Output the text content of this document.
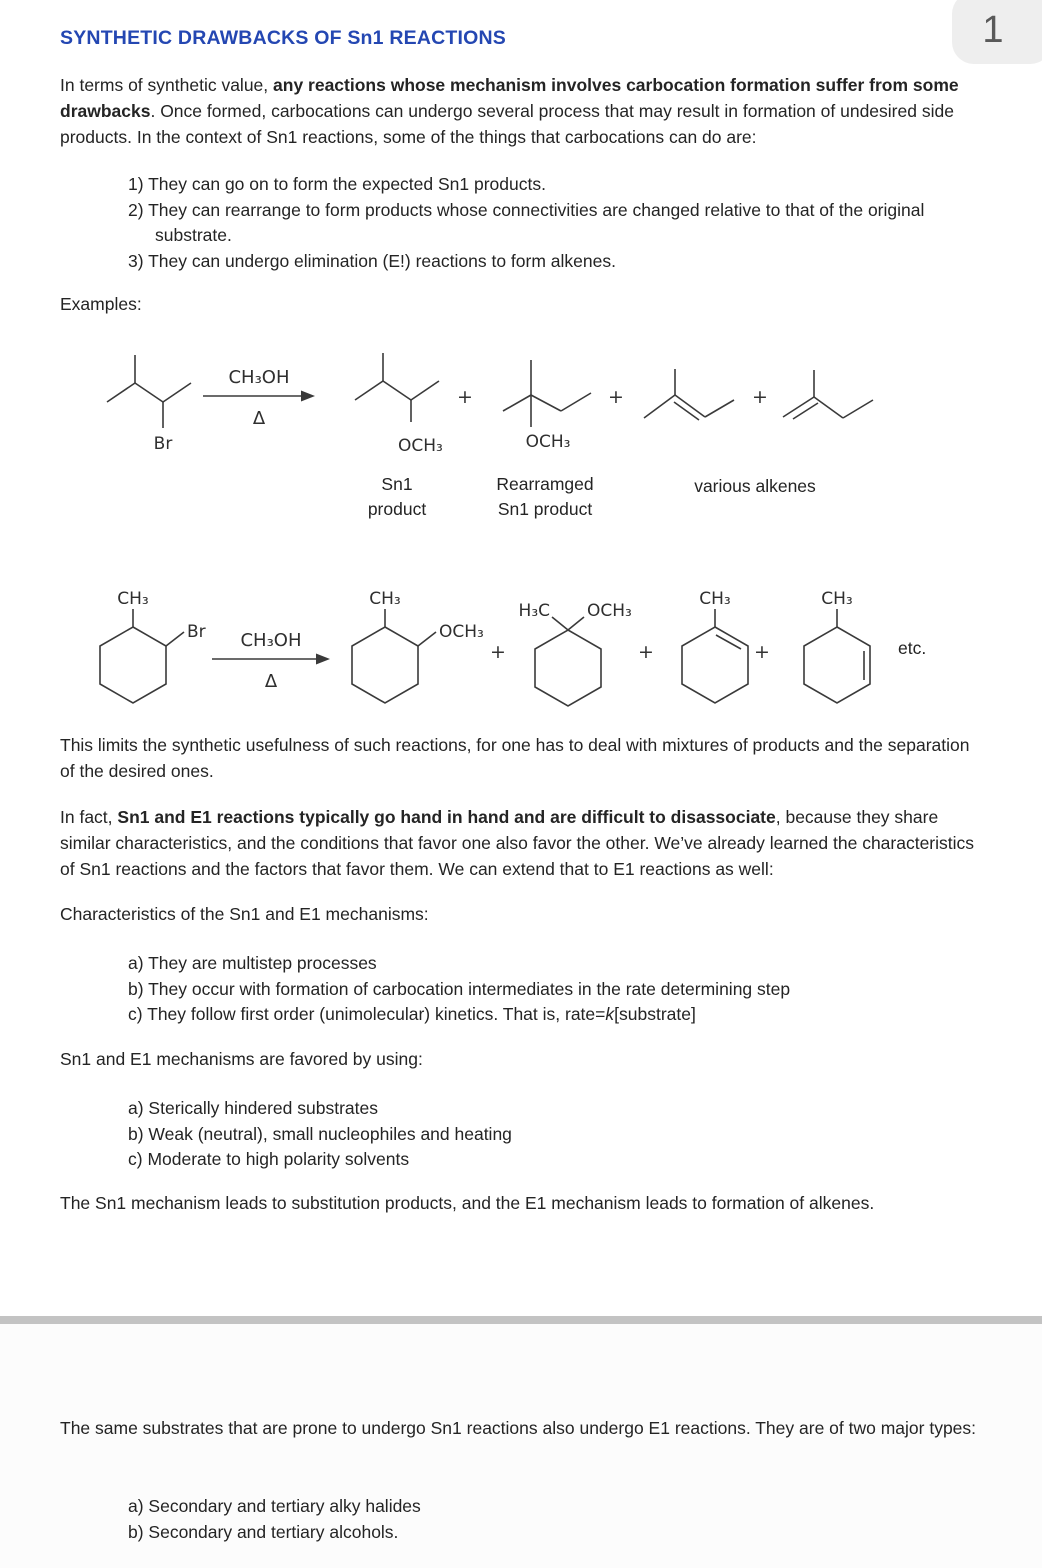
1
SYNTHETIC DRAWBACKS OF Sn1 REACTIONS
In terms of synthetic value, any reactions whose mechanism involves carbocation formation suffer from some drawbacks. Once formed, carbocations can undergo several process that may result in formation of undesired side products. In the context of Sn1 reactions, some of the things that carbocations can do are:
1) They can go on to form the expected Sn1 products.
2) They can rearrange to form products whose connectivities are changed relative to that of the original substrate.
3) They can undergo elimination (E!) reactions to form alkenes.
Examples:
Br
CH₃OH
Δ
OCH₃
+
OCH₃
+	+
Sn1
product
Rearramged
Sn1 product
various alkenes
CH₃
Br	CH₃OH
Δ
CH₃
OCH₃
+
H₃C OCH₃
+
CH₃
+
CH₃
etc.
This limits the synthetic usefulness of such reactions, for one has to deal with mixtures of products and the separation of the desired ones.
In fact, Sn1 and E1 reactions typically go hand in hand and are difficult to disassociate, because they share similar characteristics, and the conditions that favor one also favor the other. We’ve already learned the characteristics of Sn1 reactions and the factors that favor them. We can extend that to E1 reactions as well:
Characteristics of the Sn1 and E1 mechanisms:
a) They are multistep processes
b) They occur with formation of carbocation intermediates in the rate determining step
c) They follow first order (unimolecular) kinetics. That is, rate=k[substrate]
Sn1 and E1 mechanisms are favored by using:
a) Sterically hindered substrates
b) Weak (neutral), small nucleophiles and heating
c) Moderate to high polarity solvents
The Sn1 mechanism leads to substitution products, and the E1 mechanism leads to formation of alkenes.
The same substrates that are prone to undergo Sn1 reactions also undergo E1 reactions. They are of two major types:
a) Secondary and tertiary alky halides
b) Secondary and tertiary alcohols.
